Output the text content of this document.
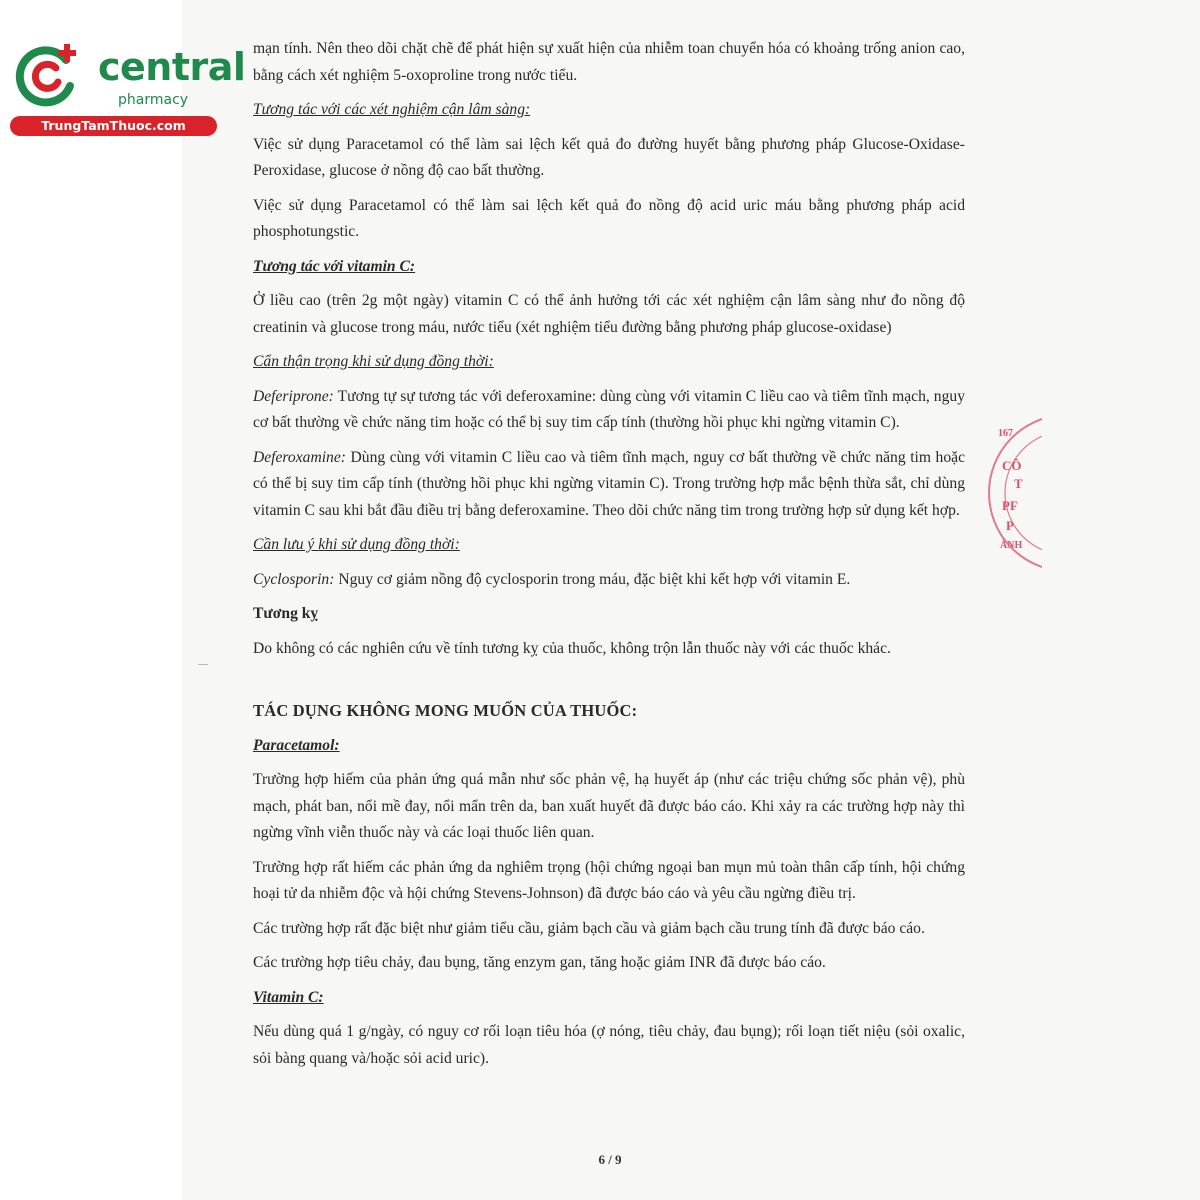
central
pharmacy
TrungTamThuoc.com
167
CÔ
T
PF
P
ÀNH

mạn tính. Nên theo dõi chặt chẽ để phát hiện sự xuất hiện của nhiễm toan chuyển hóa có khoảng trống anion cao, bằng cách xét nghiệm 5-oxoproline trong nước tiểu.

Tương tác với các xét nghiệm cận lâm sàng:

Việc sử dụng Paracetamol có thể làm sai lệch kết quả đo đường huyết bằng phương pháp Glucose-Oxidase-Peroxidase, glucose ở nồng độ cao bất thường.

Việc sử dụng Paracetamol có thể làm sai lệch kết quả đo nồng độ acid uric máu bằng phương pháp acid phosphotungstic.

Tương tác với vitamin C:

Ở liều cao (trên 2g một ngày) vitamin C có thể ảnh hưởng tới các xét nghiệm cận lâm sàng như đo nồng độ creatinin và glucose trong máu, nước tiểu (xét nghiệm tiểu đường bằng phương pháp glucose-oxidase)

Cẩn thận trọng khi sử dụng đồng thời:

Deferiprone: Tương tự sự tương tác với deferoxamine: dùng cùng với vitamin C liều cao và tiêm tĩnh mạch, nguy cơ bất thường về chức năng tim hoặc có thể bị suy tim cấp tính (thường hồi phục khi ngừng vitamin C).

Deferoxamine: Dùng cùng với vitamin C liều cao và tiêm tĩnh mạch, nguy cơ bất thường về chức năng tim hoặc có thể bị suy tim cấp tính (thường hồi phục khi ngừng vitamin C). Trong trường hợp mắc bệnh thừa sắt, chỉ dùng vitamin C sau khi bắt đầu điều trị bằng deferoxamine. Theo dõi chức năng tim trong trường hợp sử dụng kết hợp.

Cần lưu ý khi sử dụng đồng thời:

Cyclosporin: Nguy cơ giảm nồng độ cyclosporin trong máu, đặc biệt khi kết hợp với vitamin E.

Tương kỵ

Do không có các nghiên cứu về tính tương kỵ của thuốc, không trộn lẫn thuốc này với các thuốc khác.

TÁC DỤNG KHÔNG MONG MUỐN CỦA THUỐC:
Paracetamol:

Trường hợp hiếm của phản ứng quá mẫn như sốc phản vệ, hạ huyết áp (như các triệu chứng sốc phản vệ), phù mạch, phát ban, nổi mề đay, nổi mẩn trên da, ban xuất huyết đã được báo cáo. Khi xảy ra các trường hợp này thì ngừng vĩnh viễn thuốc này và các loại thuốc liên quan.

Trường hợp rất hiếm các phản ứng da nghiêm trọng (hội chứng ngoại ban mụn mủ toàn thân cấp tính, hội chứng hoại tử da nhiễm độc và hội chứng Stevens-Johnson) đã được báo cáo và yêu cầu ngừng điều trị.

Các trường hợp rất đặc biệt như giảm tiểu cầu, giảm bạch cầu và giảm bạch cầu trung tính đã được báo cáo.

Các trường hợp tiêu chảy, đau bụng, tăng enzym gan, tăng hoặc giảm INR đã được báo cáo.

Vitamin C:

Nếu dùng quá 1 g/ngày, có nguy cơ rối loạn tiêu hóa (ợ nóng, tiêu chảy, đau bụng); rối loạn tiết niệu (sỏi oxalic, sỏi bàng quang và/hoặc sỏi acid uric).

6 / 9
